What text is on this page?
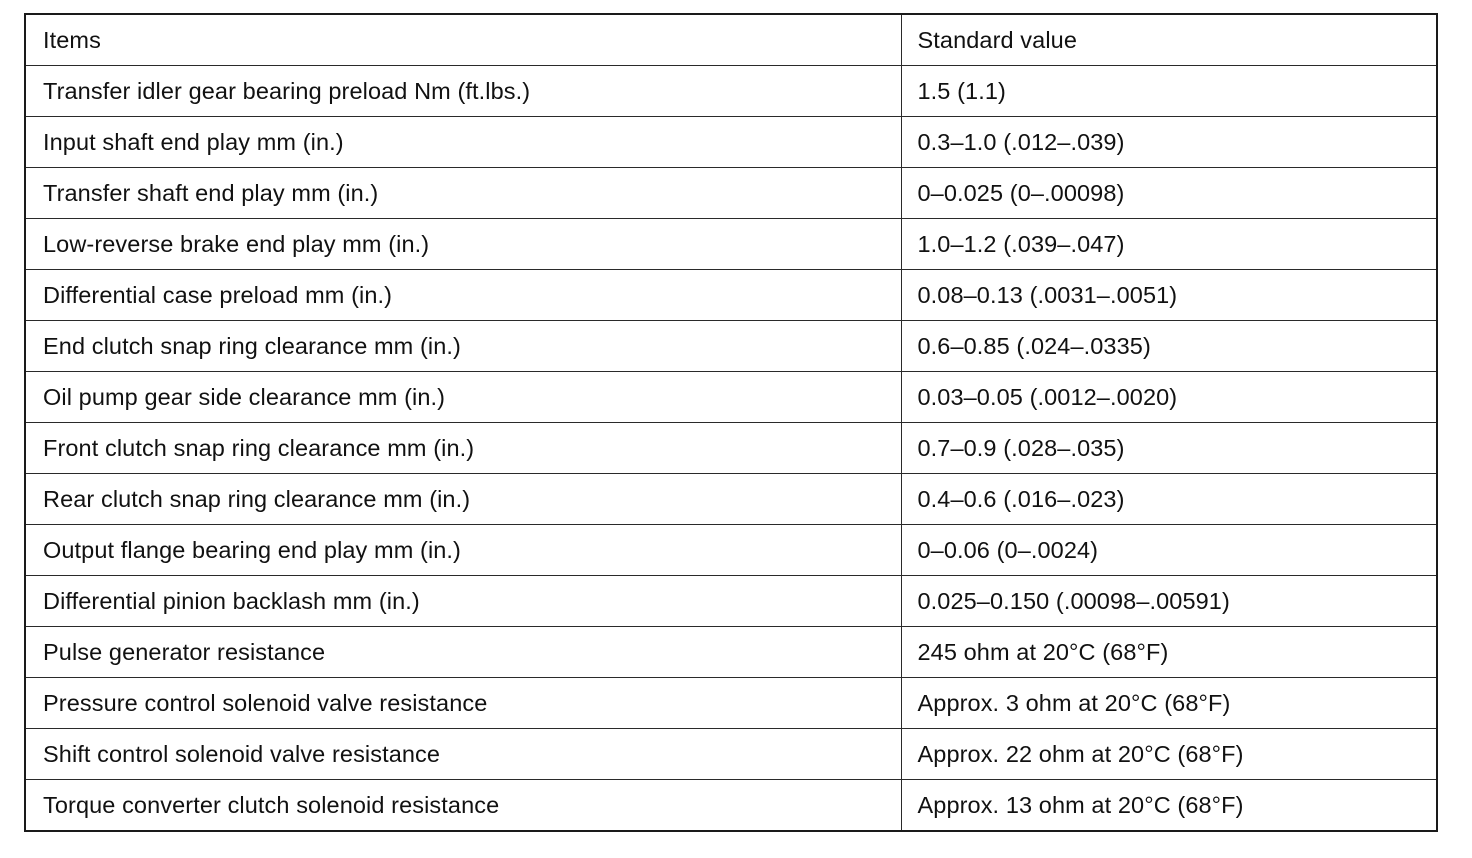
Items	Standard value
Transfer idler gear bearing preload Nm (ft.lbs.)	1.5 (1.1)
Input shaft end play mm (in.)	0.3–1.0 (.012–.039)
Transfer shaft end play mm (in.)	0–0.025 (0–.00098)
Low-reverse brake end play mm (in.)	1.0–1.2 (.039–.047)
Differential case preload mm (in.)	0.08–0.13 (.0031–.0051)
End clutch snap ring clearance mm (in.)	0.6–0.85 (.024–.0335)
Oil pump gear side clearance mm (in.)	0.03–0.05 (.0012–.0020)
Front clutch snap ring clearance mm (in.)	0.7–0.9 (.028–.035)
Rear clutch snap ring clearance mm (in.)	0.4–0.6 (.016–.023)
Output flange bearing end play mm (in.)	0–0.06 (0–.0024)
Differential pinion backlash mm (in.)	0.025–0.150 (.00098–.00591)
Pulse generator resistance	245 ohm at 20°C (68°F)
Pressure control solenoid valve resistance	Approx. 3 ohm at 20°C (68°F)
Shift control solenoid valve resistance	Approx. 22 ohm at 20°C (68°F)
Torque converter clutch solenoid resistance	Approx. 13 ohm at 20°C (68°F)
